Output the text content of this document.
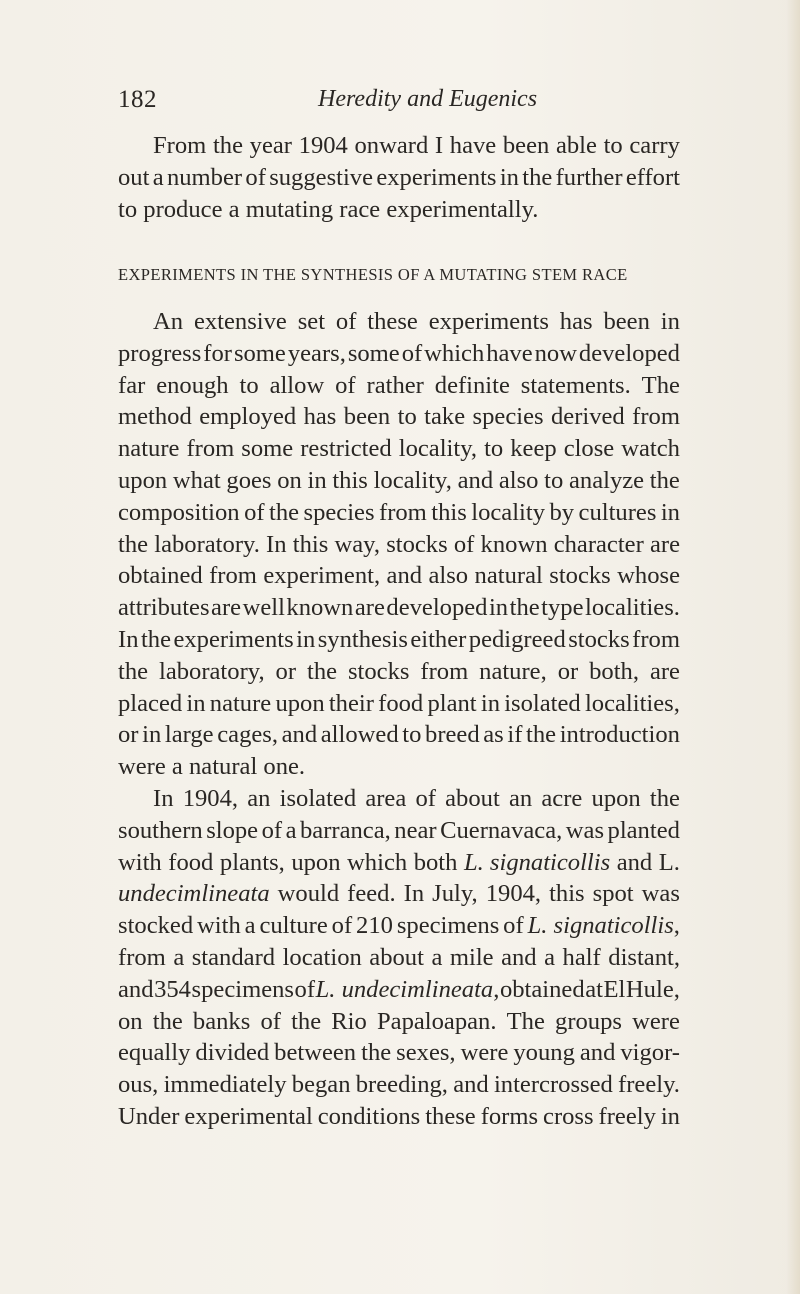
182	Heredity and Eugenics
From the year 1904 onward I have been able to carry
out a number of suggestive experiments in the further effort
to produce a mutating race experimentally.
EXPERIMENTS IN THE SYNTHESIS OF A MUTATING STEM RACE
An extensive set of these experiments has been in
progress for some years, some of which have now developed
far enough to allow of rather definite statements. The
method employed has been to take species derived from
nature from some restricted locality, to keep close watch
upon what goes on in this locality, and also to analyze the
composition of the species from this locality by cultures in
the laboratory. In this way, stocks of known character are
obtained from experiment, and also natural stocks whose
attributes are well known are developed in the type localities.
In the experiments in synthesis either pedigreed stocks from
the laboratory, or the stocks from nature, or both, are
placed in nature upon their food plant in isolated localities,
or in large cages, and allowed to breed as if the introduction
were a natural one.
In 1904, an isolated area of about an acre upon the
southern slope of a barranca, near Cuernavaca, was planted
with food plants, upon which both L. signaticollis and L.
undecimlineata would feed. In July, 1904, this spot was
stocked with a culture of 210 specimens of L. signaticollis,
from a standard location about a mile and a half distant,
and 354 specimens of L. undecimlineata, obtained at El Hule,
on the banks of the Rio Papaloapan. The groups were
equally divided between the sexes, were young and vigor-
ous, immediately began breeding, and intercrossed freely.
Under experimental conditions these forms cross freely in
